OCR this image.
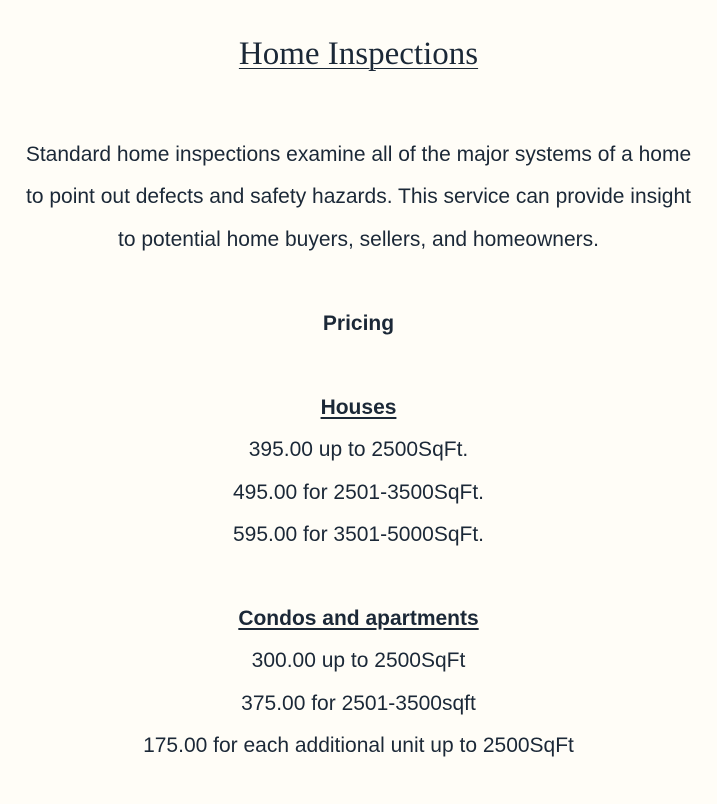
Home Inspections

Standard home inspections examine all of the major systems of a home to point out defects and safety hazards. This service can provide insight to potential home buyers, sellers, and homeowners.

Pricing

Houses

395.00 up to 2500SqFt.

495.00 for 2501-3500SqFt.

595.00 for 3501-5000SqFt.

Condos and apartments

300.00 up to 2500SqFt

375.00 for 2501-3500sqft

175.00 for each additional unit up to 2500SqFt
